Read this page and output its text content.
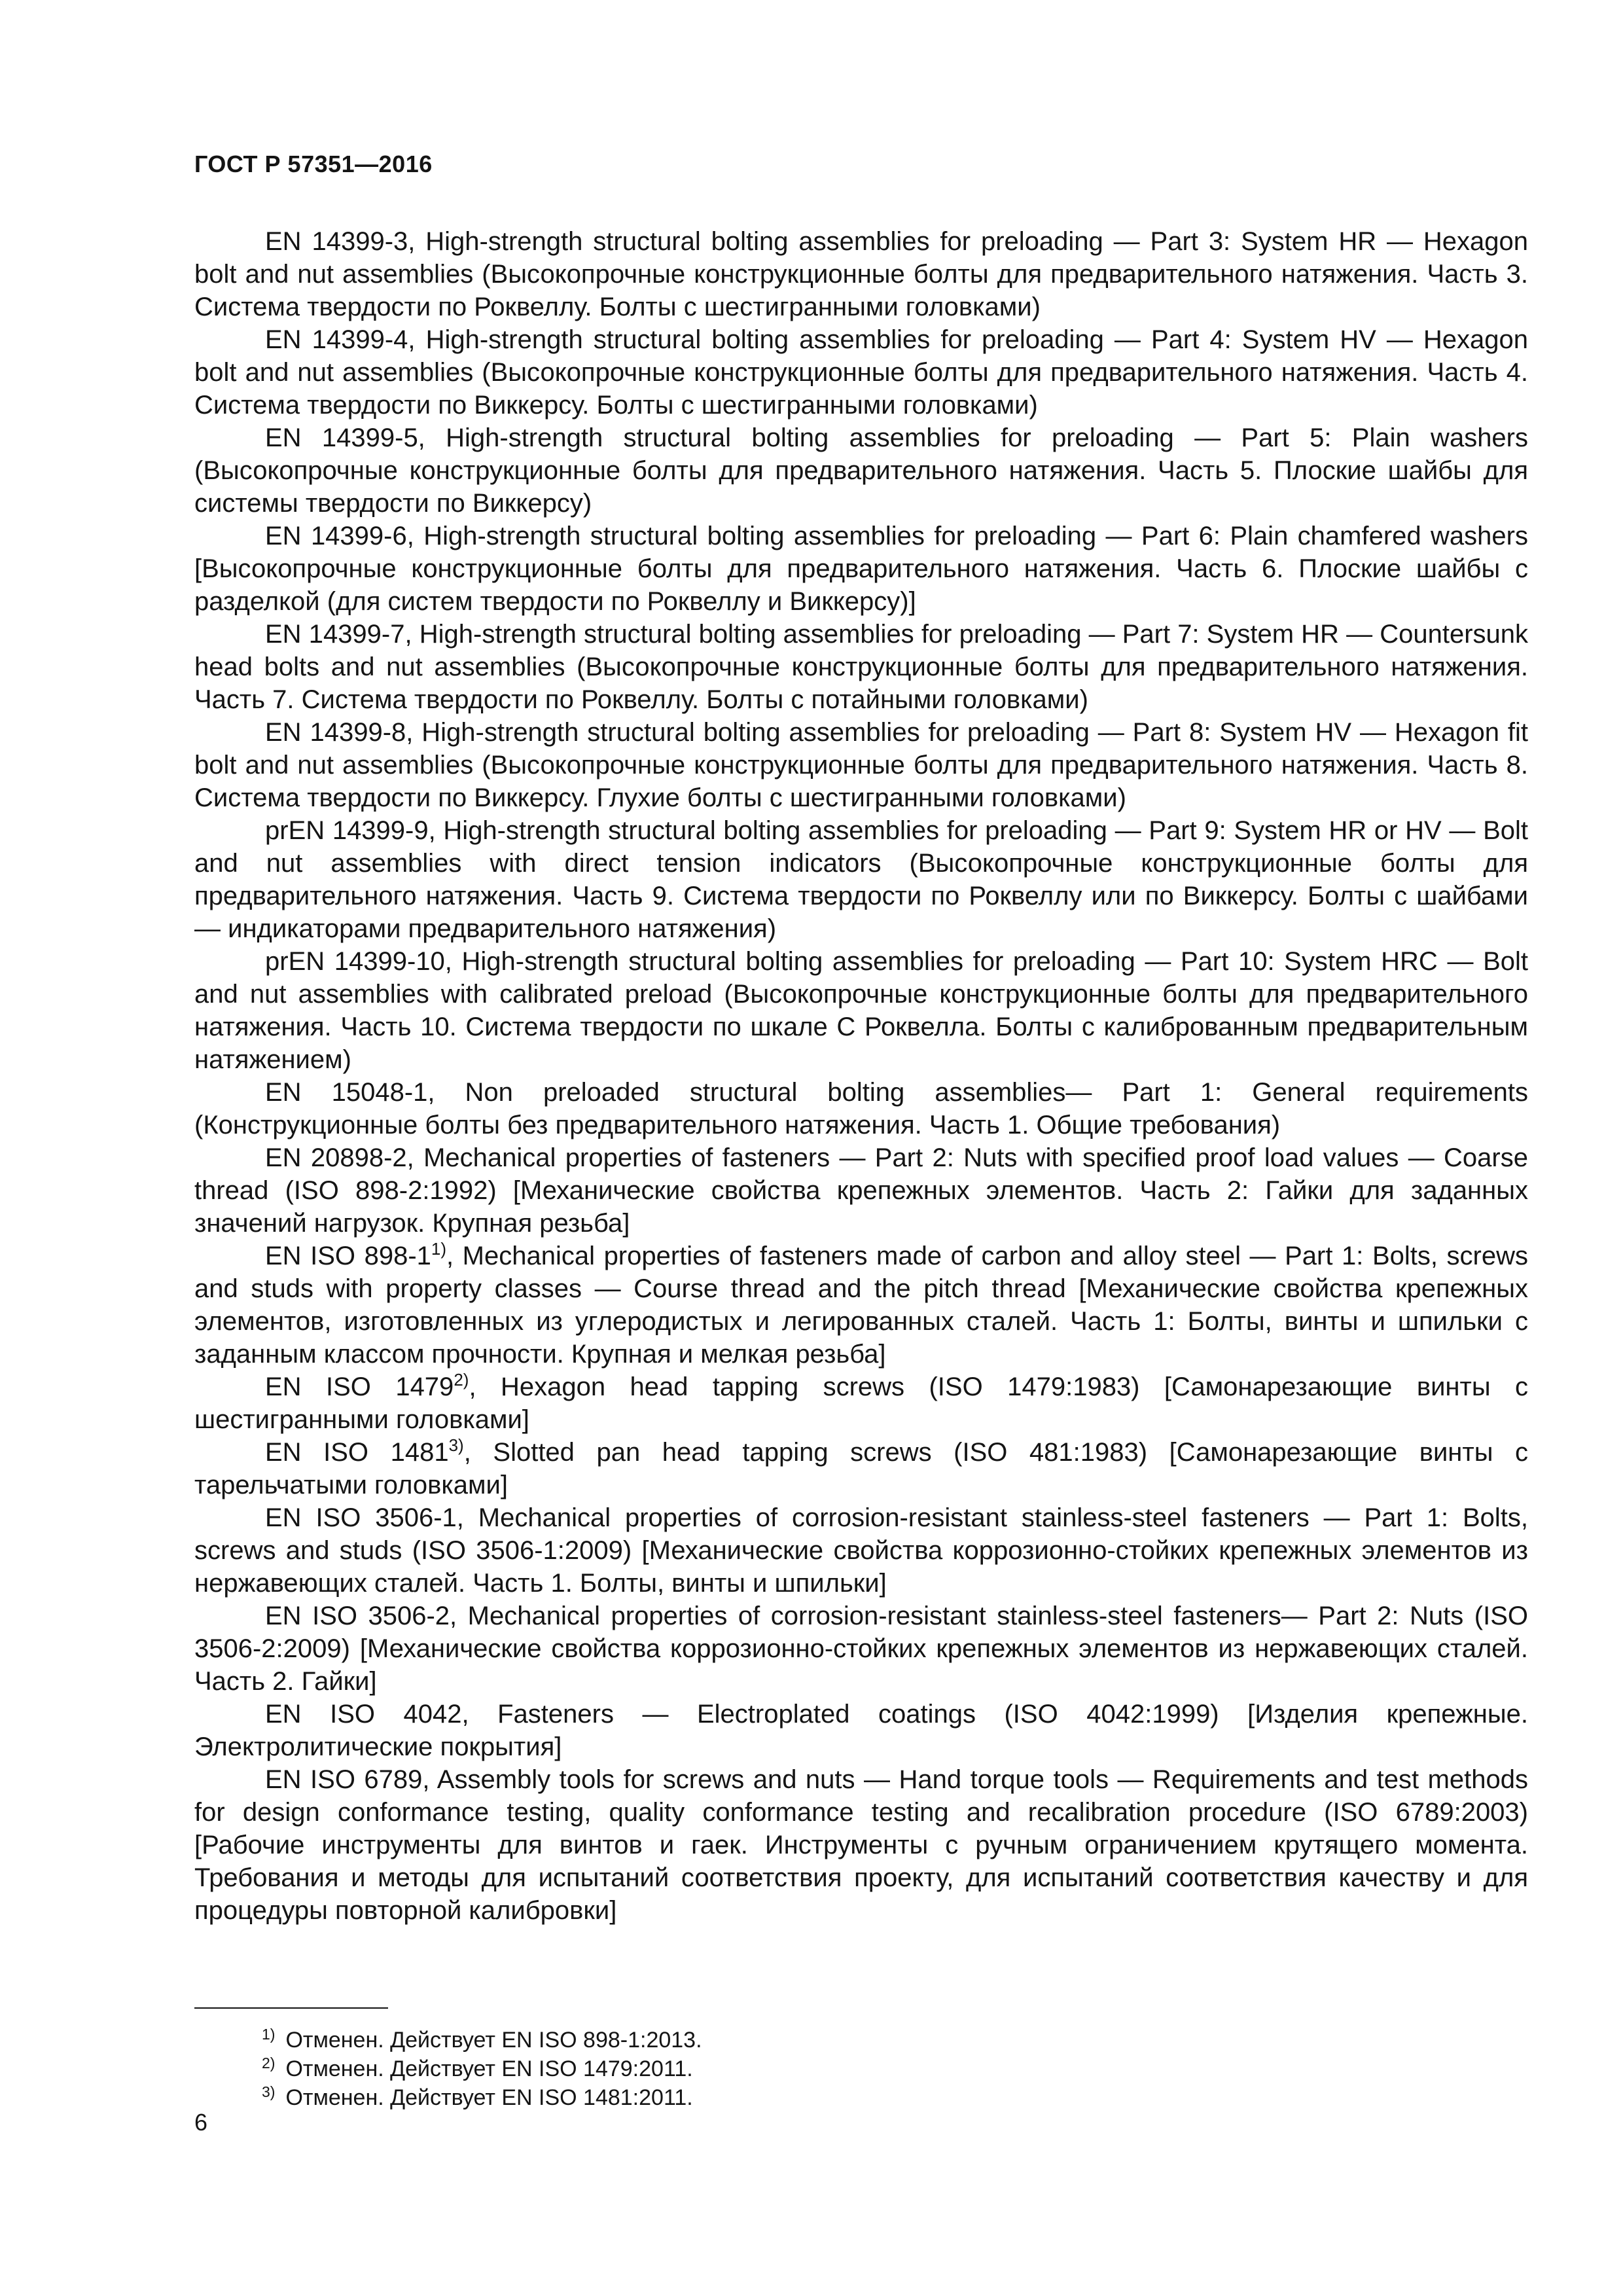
ГОСТ Р 57351—2016

EN 14399-3, High-strength structural bolting assemblies for preloading — Part 3: System HR — Hexagon bolt and nut assemblies (Высокопрочные конструкционные болты для предварительного натяжения. Часть 3. Система твердости по Роквеллу. Болты с шестигранными головками)

EN 14399-4, High-strength structural bolting assemblies for preloading — Part 4: System HV — Hexagon bolt and nut assemblies (Высокопрочные конструкционные болты для предварительного натяжения. Часть 4. Система твердости по Виккерсу. Болты с шестигранными головками)

EN 14399-5, High-strength structural bolting assemblies for preloading — Part 5: Plain washers (Высокопрочные конструкционные болты для предварительного натяжения. Часть 5. Плоские шайбы для системы твердости по Виккерсу)

EN 14399-6, High-strength structural bolting assemblies for preloading — Part 6: Plain chamfered washers [Высокопрочные конструкционные болты для предварительного натяжения. Часть 6. Плоские шайбы с разделкой (для систем твердости по Роквеллу и Виккерсу)]

EN 14399-7, High-strength structural bolting assemblies for preloading — Part 7: System HR — Countersunk head bolts and nut assemblies (Высокопрочные конструкционные болты для предварительного натяжения. Часть 7. Система твердости по Роквеллу. Болты с потайными головками)

EN 14399-8, High-strength structural bolting assemblies for preloading — Part 8: System HV — Hexagon fit bolt and nut assemblies (Высокопрочные конструкционные болты для предварительного натяжения. Часть 8. Система твердости по Виккерсу. Глухие болты с шестигранными головками)

prEN 14399-9, High-strength structural bolting assemblies for preloading — Part 9: System HR or HV — Bolt and nut assemblies with direct tension indicators (Высокопрочные конструкционные болты для предварительного натяжения. Часть 9. Система твердости по Роквеллу или по Виккерсу. Болты с шайбами — индикаторами предварительного натяжения)

prEN 14399-10, High-strength structural bolting assemblies for preloading — Part 10: System HRC — Bolt and nut assemblies with calibrated preload (Высокопрочные конструкционные болты для предварительного натяжения. Часть 10. Система твердости по шкале С Роквелла. Болты с калиброванным предварительным натяжением)

EN 15048-1, Non preloaded structural bolting assemblies— Part 1: General requirements (Конструкционные болты без предварительного натяжения. Часть 1. Общие требования)

EN 20898-2, Mechanical properties of fasteners — Part 2: Nuts with specified proof load values — Coarse thread (ISO 898-2:1992) [Механические свойства крепежных элементов. Часть 2: Гайки для заданных значений нагрузок. Крупная резьба]

EN ISO 898-1$^{1)}$, Mechanical properties of fasteners made of carbon and alloy steel — Part 1: Bolts, screws and studs with property classes — Course thread and the pitch thread [Механические свойства крепежных элементов, изготовленных из углеродистых и легированных сталей. Часть 1: Болты, винты и шпильки с заданным классом прочности. Крупная и мелкая резьба]

EN ISO 1479$^{2)}$, Hexagon head tapping screws (ISO 1479:1983) [Самонарезающие винты с шестигранными головками]

EN ISO 1481$^{3)}$, Slotted pan head tapping screws (ISO 481:1983) [Самонарезающие винты с тарельчатыми головками]

EN ISO 3506-1, Mechanical properties of corrosion-resistant stainless-steel fasteners — Part 1: Bolts, screws and studs (ISO 3506-1:2009) [Механические свойства коррозионно-стойких крепежных элементов из нержавеющих сталей. Часть 1. Болты, винты и шпильки]

EN ISO 3506-2, Mechanical properties of corrosion-resistant stainless-steel fasteners— Part 2: Nuts (ISO 3506-2:2009) [Механические свойства коррозионно-стойких крепежных элементов из нержавеющих сталей. Часть 2. Гайки]

EN ISO 4042, Fasteners — Electroplated coatings (ISO 4042:1999) [Изделия крепежные. Электролитические покрытия]

EN ISO 6789, Assembly tools for screws and nuts — Hand torque tools — Requirements and test methods for design conformance testing, quality conformance testing and recalibration procedure (ISO 6789:2003) [Рабочие инструменты для винтов и гаек. Инструменты с ручным ограничением крутящего момента. Требования и методы для испытаний соответствия проекту, для испытаний соответствия качеству и для процедуры повторной калибровки]

$^{1)}$ Отменен. Действует EN ISO 898-1:2013.
$^{2)}$ Отменен. Действует EN ISO 1479:2011.
$^{3)}$ Отменен. Действует EN ISO 1481:2011.
6
